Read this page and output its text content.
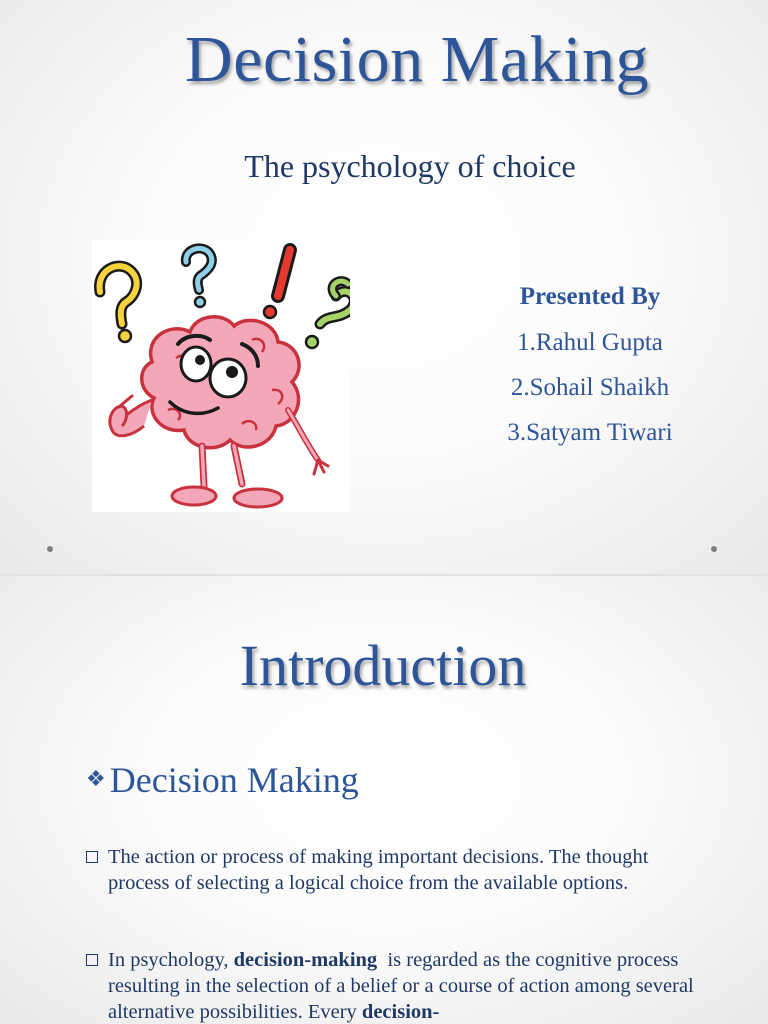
Decision Making
The psychology of choice
Presented By
1.Rahul Gupta
2.Sohail Shaikh
3.Satyam Tiwari
Introduction
❖ Decision Making
The action or process of making important decisions. The thought process of selecting a logical choice from the available options.
In psychology, decision-making  is regarded as the cognitive process resulting in the selection of a belief or a course of action among several alternative possibilities. Every decision-
